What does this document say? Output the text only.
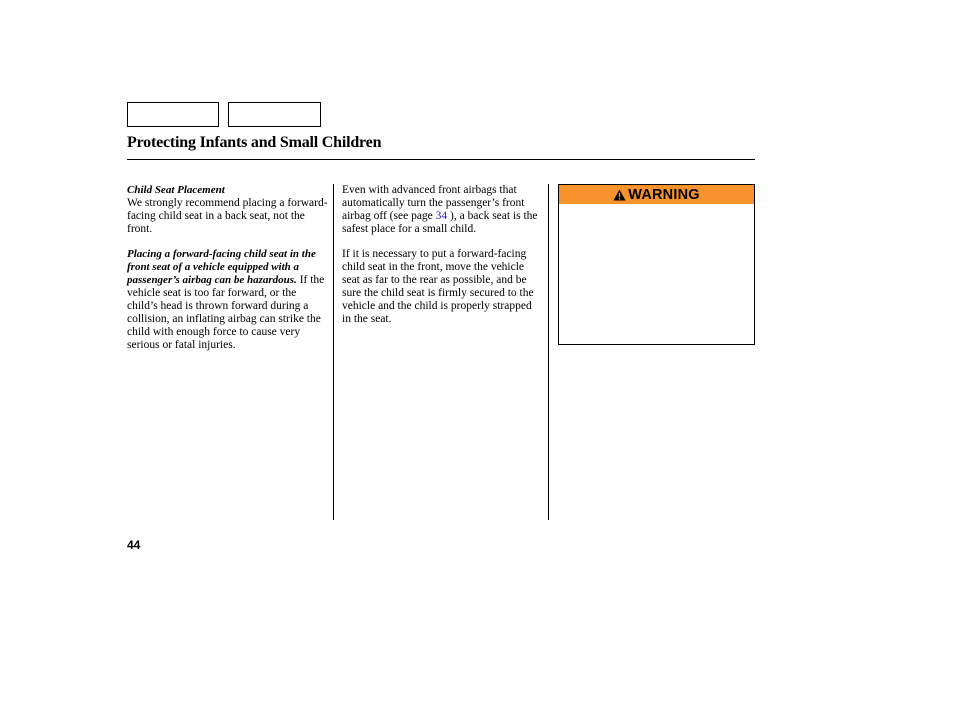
Protecting Infants and Small Children
Child Seat Placement

We strongly recommend placing a forward-facing child seat in a back seat, not the front.

Placing a forward-facing child seat in the front seat of a vehicle equipped with a passenger’s airbag can be hazardous. If the vehicle seat is too far forward, or the child’s head is thrown forward during a collision, an inflating airbag can strike the child with enough force to cause very serious or fatal injuries.

Even with advanced front airbags that automatically turn the passenger’s front airbag off (see page 34 ), a back seat is the safest place for a small child.

If it is necessary to put a forward-facing child seat in the front, move the vehicle seat as far to the rear as possible, and be sure the child seat is firmly secured to the vehicle and the child is properly strapped in the seat.

WARNING
44
